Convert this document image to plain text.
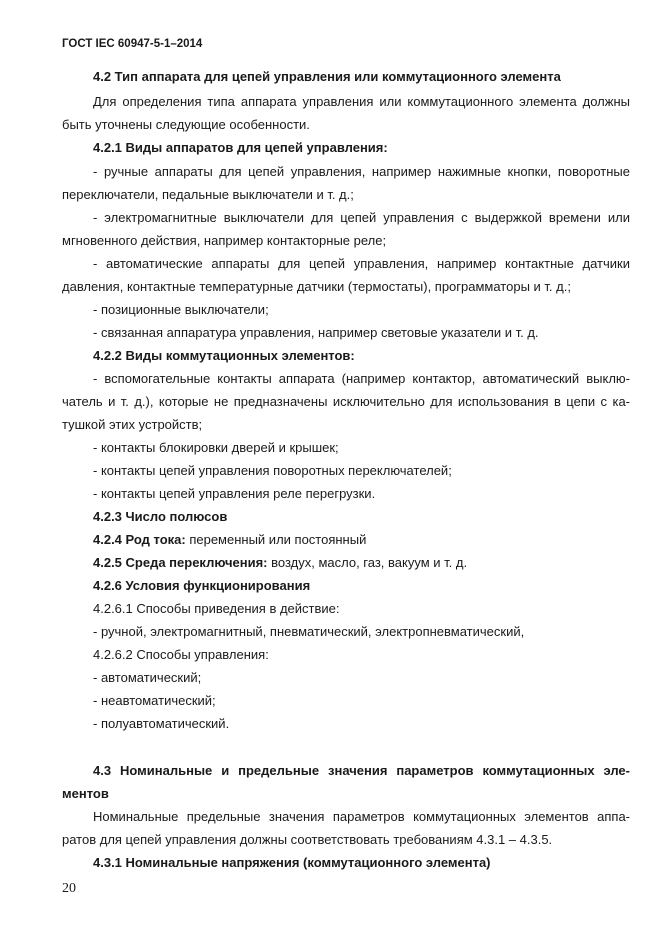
ГОСТ IEC 60947-5-1–2014
4.2 Тип аппарата для цепей управления или коммутационного элемента
Для определения типа аппарата управления или коммутационного элемента должны
быть уточнены следующие особенности.
4.2.1 Виды аппаратов для цепей управления:
- ручные аппараты для цепей управления, например нажимные кнопки, поворотные
переключатели, педальные выключатели и т. д.;
- электромагнитные выключатели для цепей управления с выдержкой времени или
мгновенного действия, например контакторные реле;
- автоматические аппараты для цепей управления, например контактные датчики
давления, контактные температурные датчики (термостаты), программаторы и т. д.;
- позиционные выключатели;
- связанная аппаратура управления, например световые указатели и т. д.
4.2.2 Виды коммутационных элементов:
- вспомогательные контакты аппарата (например контактор, автоматический выклю-
чатель и т. д.), которые не предназначены исключительно для использования в цепи с ка-
тушкой этих устройств;
- контакты блокировки дверей и крышек;
- контакты цепей управления поворотных переключателей;
- контакты цепей управления реле перегрузки.
4.2.3 Число полюсов
4.2.4 Род тока: переменный или постоянный
4.2.5 Среда переключения: воздух, масло, газ, вакуум и т. д.
4.2.6 Условия функционирования
4.2.6.1 Способы приведения в действие:
- ручной, электромагнитный, пневматический, электропневматический,
4.2.6.2 Способы управления:
- автоматический;
- неавтоматический;
- полуавтоматический.
4.3 Номинальные и предельные значения параметров коммутационных эле-
ментов
Номинальные предельные значения параметров коммутационных элементов аппа-
ратов для цепей управления должны соответствовать требованиям 4.3.1 – 4.3.5.
4.3.1 Номинальные напряжения (коммутационного элемента)
20
